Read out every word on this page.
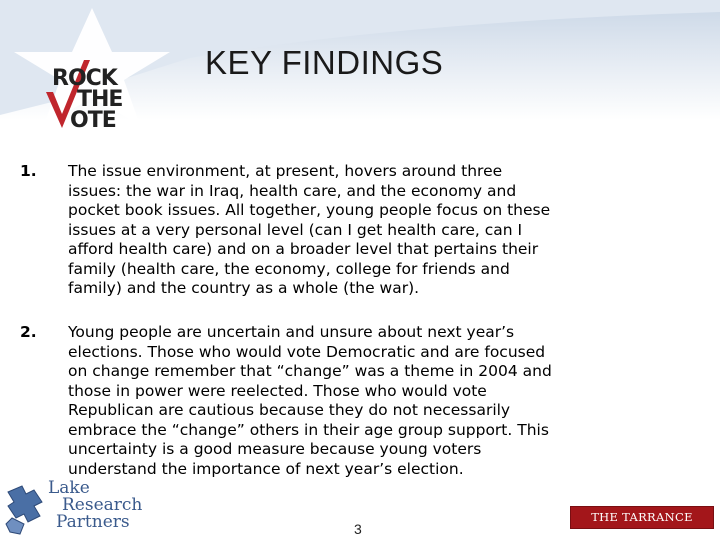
KEY FINDINGS
ROCK
THE
OTE
1. The issue environment, at present, hovers around three
issues: the war in Iraq, health care, and the economy and
pocket book issues. All together, young people focus on these
issues at a very personal level (can I get health care, can I
afford health care) and on a broader level that pertains their
family (health care, the economy, college for friends and
family) and the country as a whole (the war).
2. Young people are uncertain and unsure about next year’s
elections. Those who would vote Democratic and are focused
on change remember that “change” was a theme in 2004 and
those in power were reelected. Those who would vote
Republican are cautious because they do not necessarily
embrace the “change” others in their age group support. This
uncertainty is a good measure because young voters
understand the importance of next year’s election.
Lake
Research
Partners	3
THE TARRANCE GROUP
